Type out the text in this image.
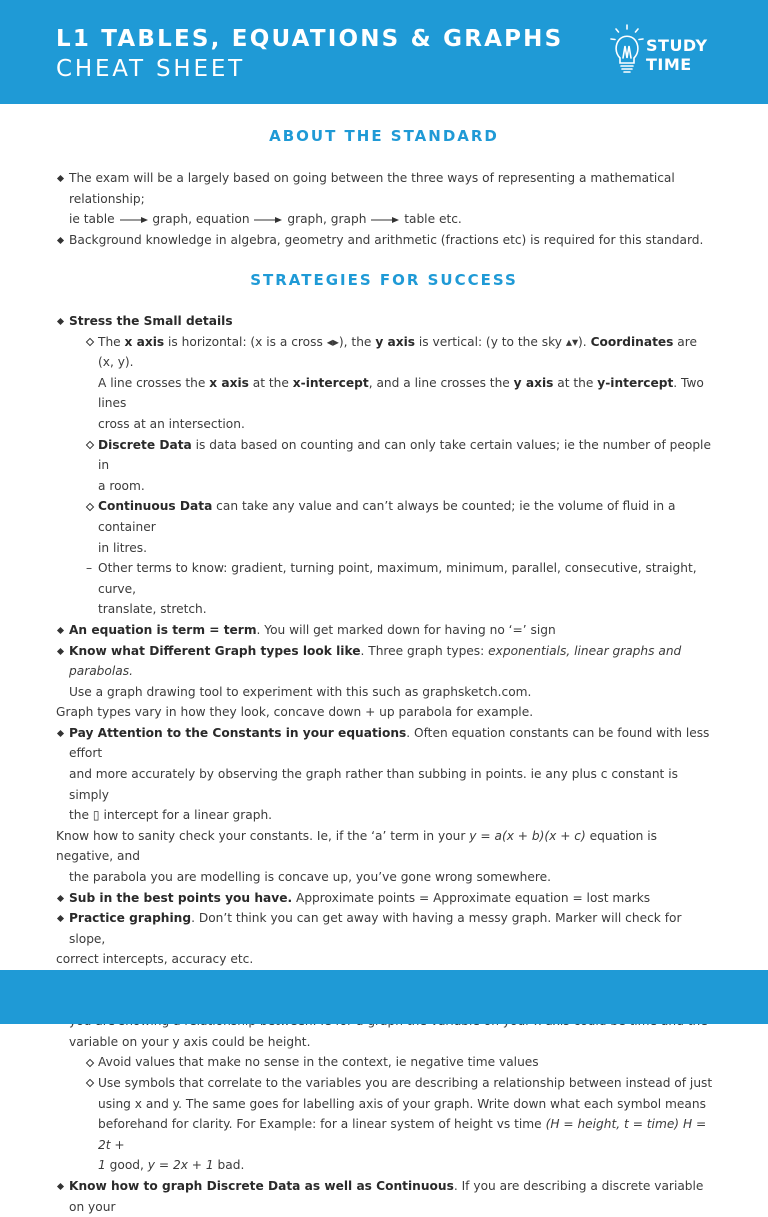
L1 TABLES, EQUATIONS & GRAPHS
CHEAT SHEET
STUDY
TIME
ABOUT THE STANDARD
The exam will be a largely based on going between the three ways of representing a mathematical relationship;
ie table	graph, equation	graph, graph	table etc.
Background knowledge in algebra, geometry and arithmetic (fractions etc) is required for this standard.
STRATEGIES FOR SUCCESS
Stress the Small details
The x axis is horizontal: (x is a cross ◂▸), the y axis is vertical: (y to the sky ▴▾). Coordinates are (x, y).
A line crosses the x axis at the x-intercept, and a line crosses the y axis at the y-intercept. Two lines
cross at an intersection.
Discrete Data is data based on counting and can only take certain values; ie the number of people in
a room.
Continuous Data can take any value and can’t always be counted; ie the volume of fluid in a container
in litres.
– Other terms to know: gradient, turning point, maximum, minimum, parallel, consecutive, straight, curve,
translate, stretch.
An equation is term = term. You will get marked down for having no ‘=’ sign
Know what Different Graph types look like. Three graph types: exponentials, linear graphs and parabolas.
Use a graph drawing tool to experiment with this such as graphsketch.com.
Graph types vary in how they look, concave down + up parabola for example.
Pay Attention to the Constants in your equations. Often equation constants can be found with less effort
and more accurately by observing the graph rather than subbing in points. ie any plus c constant is simply
the ▯ intercept for a linear graph.
Know how to sanity check your constants. Ie, if the ‘a’ term in your y = a(x + b)(x + c) equation is negative, and
the parabola you are modelling is concave up, you’ve gone wrong somewhere.
Sub in the best points you have. Approximate points = Approximate equation = lost marks
Practice graphing. Don’t think you can get away with having a messy graph. Marker will check for slope,
correct intercepts, accuracy etc.

variable on your y axis could be height.
Avoid values that make no sense in the context, ie negative time values
Use symbols that correlate to the variables you are describing a relationship between instead of just
using x and y. The same goes for labelling axis of your graph. Write down what each symbol means
beforehand for clarity. For Example: for a linear system of height vs time (H = height, t = time) H = 2t +
1 good, y = 2x + 1 bad.
Know how to graph Discrete Data as well as Continuous. If you are describing a discrete variable on your
